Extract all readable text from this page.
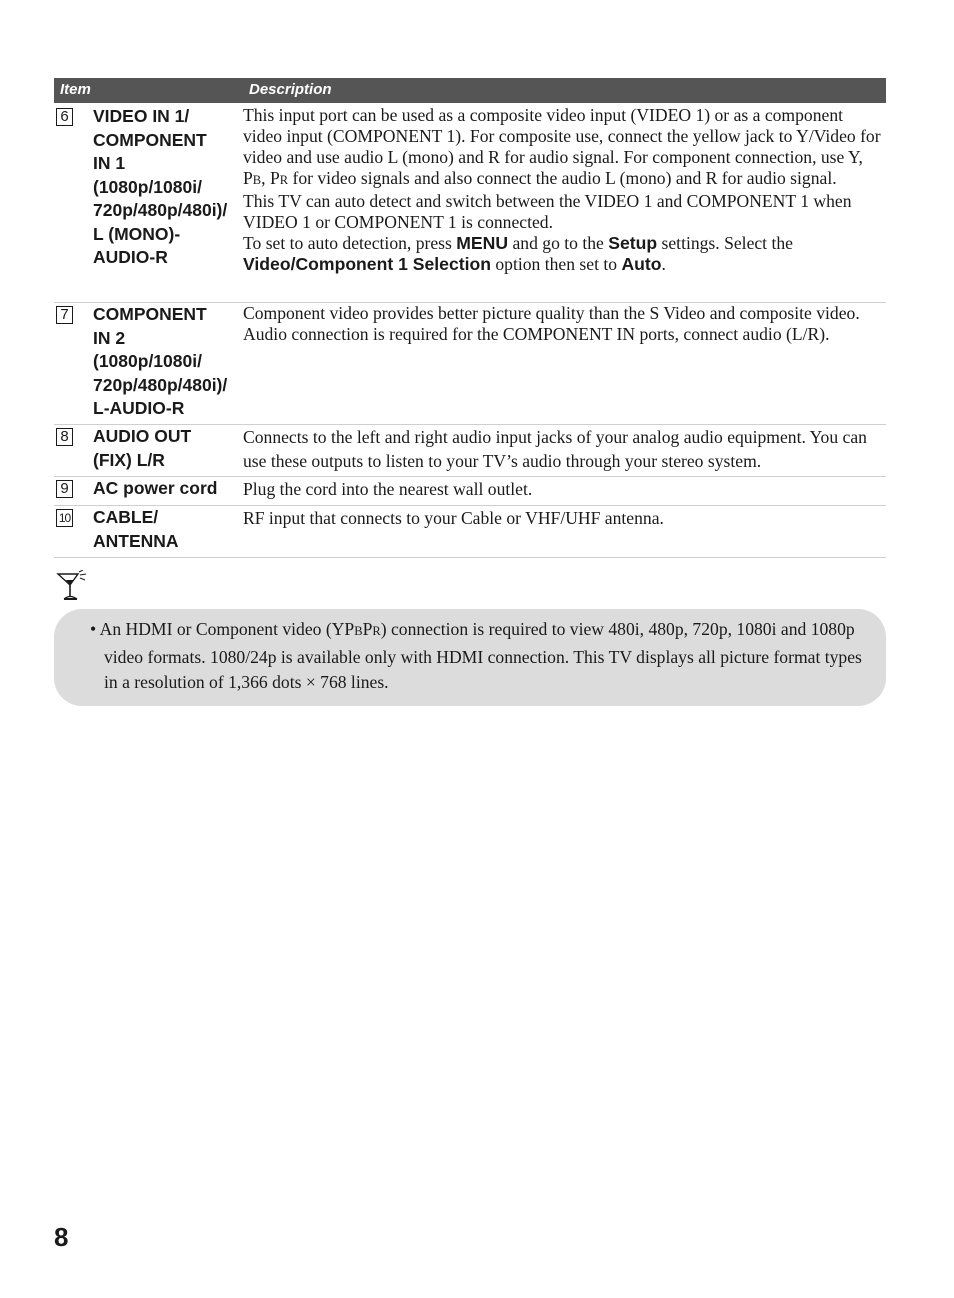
Item	Description
6 VIDEO IN 1/
COMPONENT
IN 1
(1080p/1080i/
720p/480p/480i)/
L (MONO)-
AUDIO-R

This input port can be used as a composite video input (VIDEO 1) or as a component video input (COMPONENT 1). For composite use, connect the yellow jack to Y/Video for video and use audio L (mono) and R for audio signal. For component connection, use Y, PB, PR for video signals and also connect the audio L (mono) and R for audio signal.

This TV can auto detect and switch between the VIDEO 1 and COMPONENT 1 when VIDEO 1 or COMPONENT 1 is connected.

To set to auto detection, press MENU and go to the Setup settings. Select the Video/Component 1 Selection option then set to Auto.

7 COMPONENT
IN 2
(1080p/1080i/
720p/480p/480i)/
L-AUDIO-R

Component video provides better picture quality than the S Video and composite video.

Audio connection is required for the COMPONENT IN ports, connect audio (L/R).

8 AUDIO OUT
(FIX) L/R

Connects to the left and right audio input jacks of your analog audio equipment. You can use these outputs to listen to your TV’s audio through your stereo system.

9 AC power cord	Plug the cord into the nearest wall outlet.

10 CABLE/
ANTENNA

RF input that connects to your Cable or VHF/UHF antenna.

• An HDMI or Component video (YPBPR) connection is required to view 480i, 480p, 720p, 1080i and 1080p video formats. 1080/24p is available only with HDMI connection. This TV displays all picture format types in a resolution of 1,366 dots × 768 lines.
8
